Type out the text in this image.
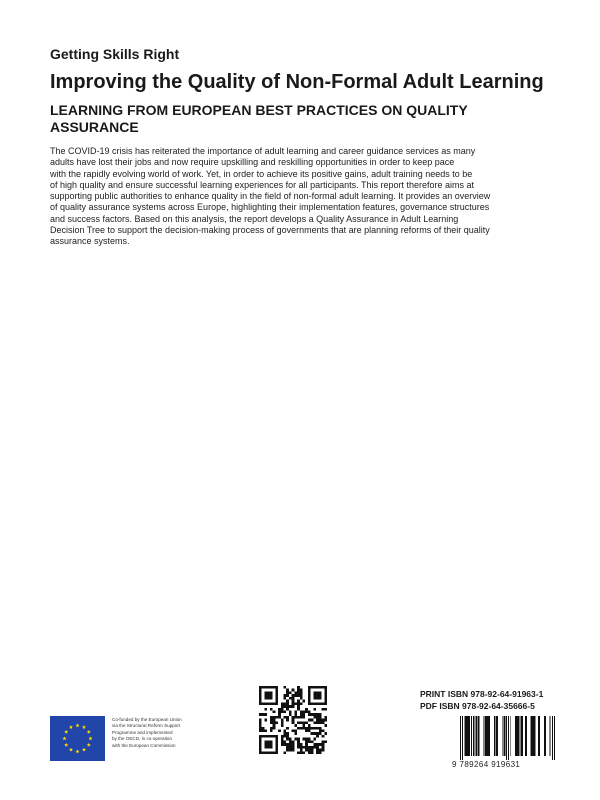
Getting Skills Right
Improving the Quality of Non-Formal Adult Learning
LEARNING FROM EUROPEAN BEST PRACTICES ON QUALITY
ASSURANCE
The COVID-19 crisis has reiterated the importance of adult learning and career guidance services as many
adults have lost their jobs and now require upskilling and reskilling opportunities in order to keep pace
with the rapidly evolving world of work. Yet, in order to achieve its positive gains, adult training needs to be
of high quality and ensure successful learning experiences for all participants. This report therefore aims at
supporting public authorities to enhance quality in the field of non-formal adult learning. It provides an overview
of quality assurance systems across Europe, highlighting their implementation features, governance structures
and success factors. Based on this analysis, the report develops a Quality Assurance in Adult Learning
Decision Tree to support the decision-making process of governments that are planning reforms of their quality
assurance systems.
Co-funded by the European Union
via the Structural Reform Support
Programme and implemented
by the OECD, in co-operation
with the European Commission
PRINT ISBN 978-92-64-91963-1
PDF ISBN 978-92-64-35666-5
9 789264 919631
